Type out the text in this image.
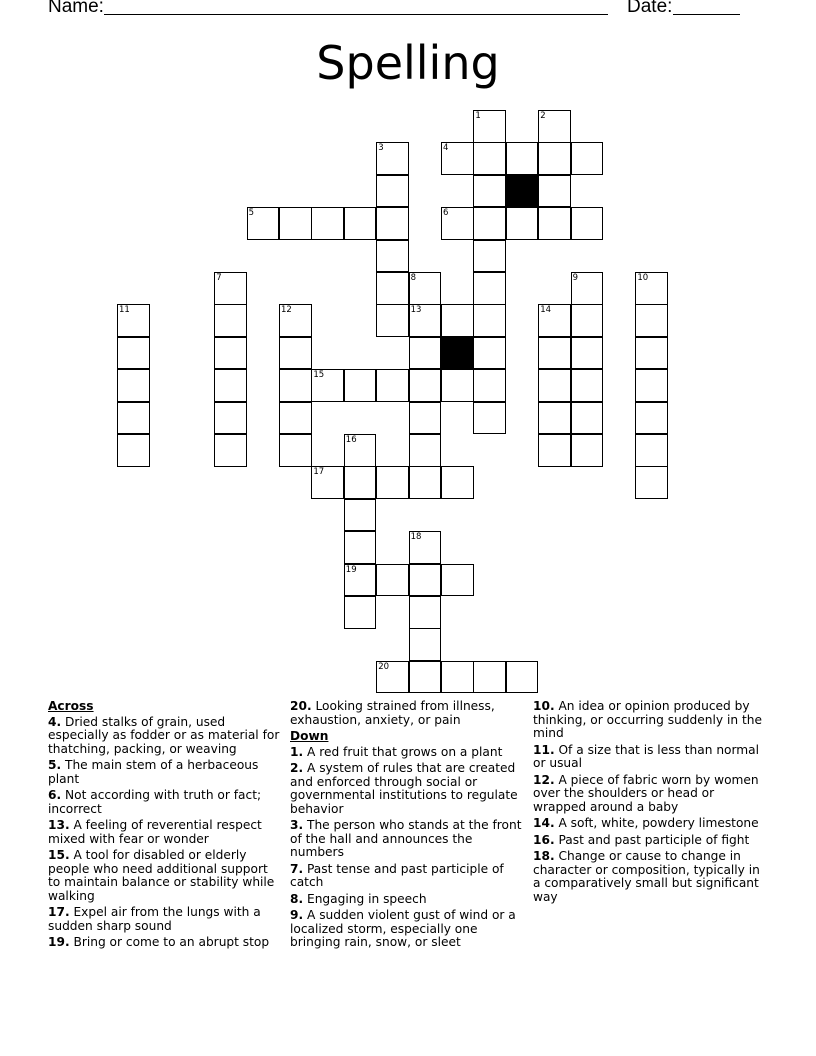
Name:	Date:
Spelling
1	2
3	4
5	6
7	8	9	10
11	12	13	14
15
16
17
18
19
20
Across
4. Dried stalks of grain, used especially as fodder or as material for thatching, packing, or weaving
5. The main stem of a herbaceous plant
6. Not according with truth or fact; incorrect
13. A feeling of reverential respect mixed with fear or wonder
15. A tool for disabled or elderly people who need additional support to maintain balance or stability while walking
17. Expel air from the lungs with a sudden sharp sound
19. Bring or come to an abrupt stop
20. Looking strained from illness, exhaustion, anxiety, or pain
Down
1. A red fruit that grows on a plant
2. A system of rules that are created and enforced through social or governmental institutions to regulate behavior
3. The person who stands at the front of the hall and announces the numbers
7. Past tense and past participle of catch
8. Engaging in speech
9. A sudden violent gust of wind or a localized storm, especially one bringing rain, snow, or sleet
10. An idea or opinion produced by thinking, or occurring suddenly in the mind
11. Of a size that is less than normal or usual
12. A piece of fabric worn by women over the shoulders or head or wrapped around a baby
14. A soft, white, powdery limestone
16. Past and past participle of fight
18. Change or cause to change in character or composition, typically in a comparatively small but significant way
